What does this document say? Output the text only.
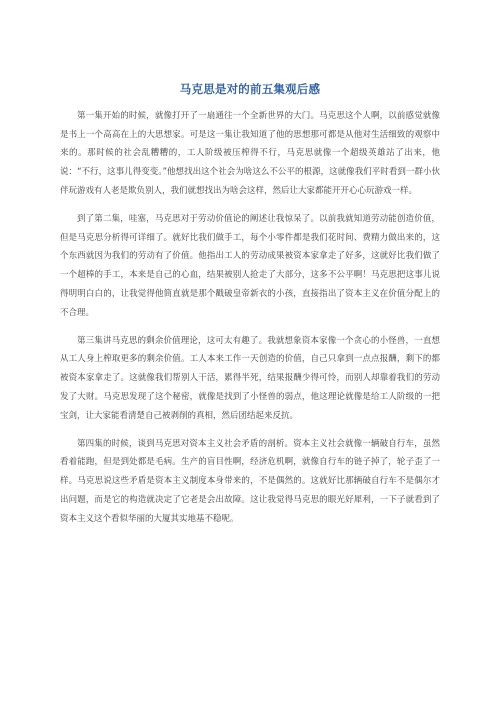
马克思是对的前五集观后感

第一集开始的时候，就像打开了一扇通往一个全新世界的大门。马克思这个人啊，以前感觉就像是书上一个高高在上的大思想家。可是这一集让我知道了他的思想那可都是从他对生活细致的观察中来的。那时候的社会乱糟糟的，工人阶级被压榨得不行，马克思就像一个超级英雄站了出来，他说：“不行，这事儿得变变。”他想找出这个社会为啥这么不公平的根源，这就像我们平时看到一群小伙伴玩游戏有人老是欺负别人，我们就想找出为啥会这样，然后让大家都能开开心心玩游戏一样。

到了第二集，哇塞，马克思对于劳动价值论的阐述让我惊呆了。以前我就知道劳动能创造价值，但是马克思分析得可详细了。就好比我们做手工，每个小零件都是我们花时间、费精力做出来的，这个东西就因为我们的劳动有了价值。他指出工人的劳动成果被资本家拿走了好多，这就好比我们做了一个超棒的手工，本来是自己的心血，结果被别人抢走了大部分，这多不公平啊！马克思把这事儿说得明明白白的，让我觉得他简直就是那个戳破皇帝新衣的小孩，直接指出了资本主义在价值分配上的不合理。

第三集讲马克思的剩余价值理论，这可太有趣了。我就想象资本家像一个贪心的小怪兽，一直想从工人身上榨取更多的剩余价值。工人本来工作一天创造的价值，自己只拿到一点点报酬，剩下的都被资本家拿走了。这就像我们帮别人干活，累得半死，结果报酬少得可怜，而别人却靠着我们的劳动发了大财。马克思发现了这个秘密，就像是找到了小怪兽的弱点，他这理论就像是给工人阶级的一把宝剑，让大家能看清楚自己被剥削的真相，然后团结起来反抗。

第四集的时候，谈到马克思对资本主义社会矛盾的剖析。资本主义社会就像一辆破自行车，虽然看着能跑，但是到处都是毛病。生产的盲目性啊，经济危机啊，就像自行车的链子掉了，轮子歪了一样。马克思说这些矛盾是资本主义制度本身带来的，不是偶然的。这就好比那辆破自行车不是偶尔才出问题，而是它的构造就决定了它老是会出故障。这让我觉得马克思的眼光好犀利，一下子就看到了资本主义这个看似华丽的大厦其实地基不稳呢。
